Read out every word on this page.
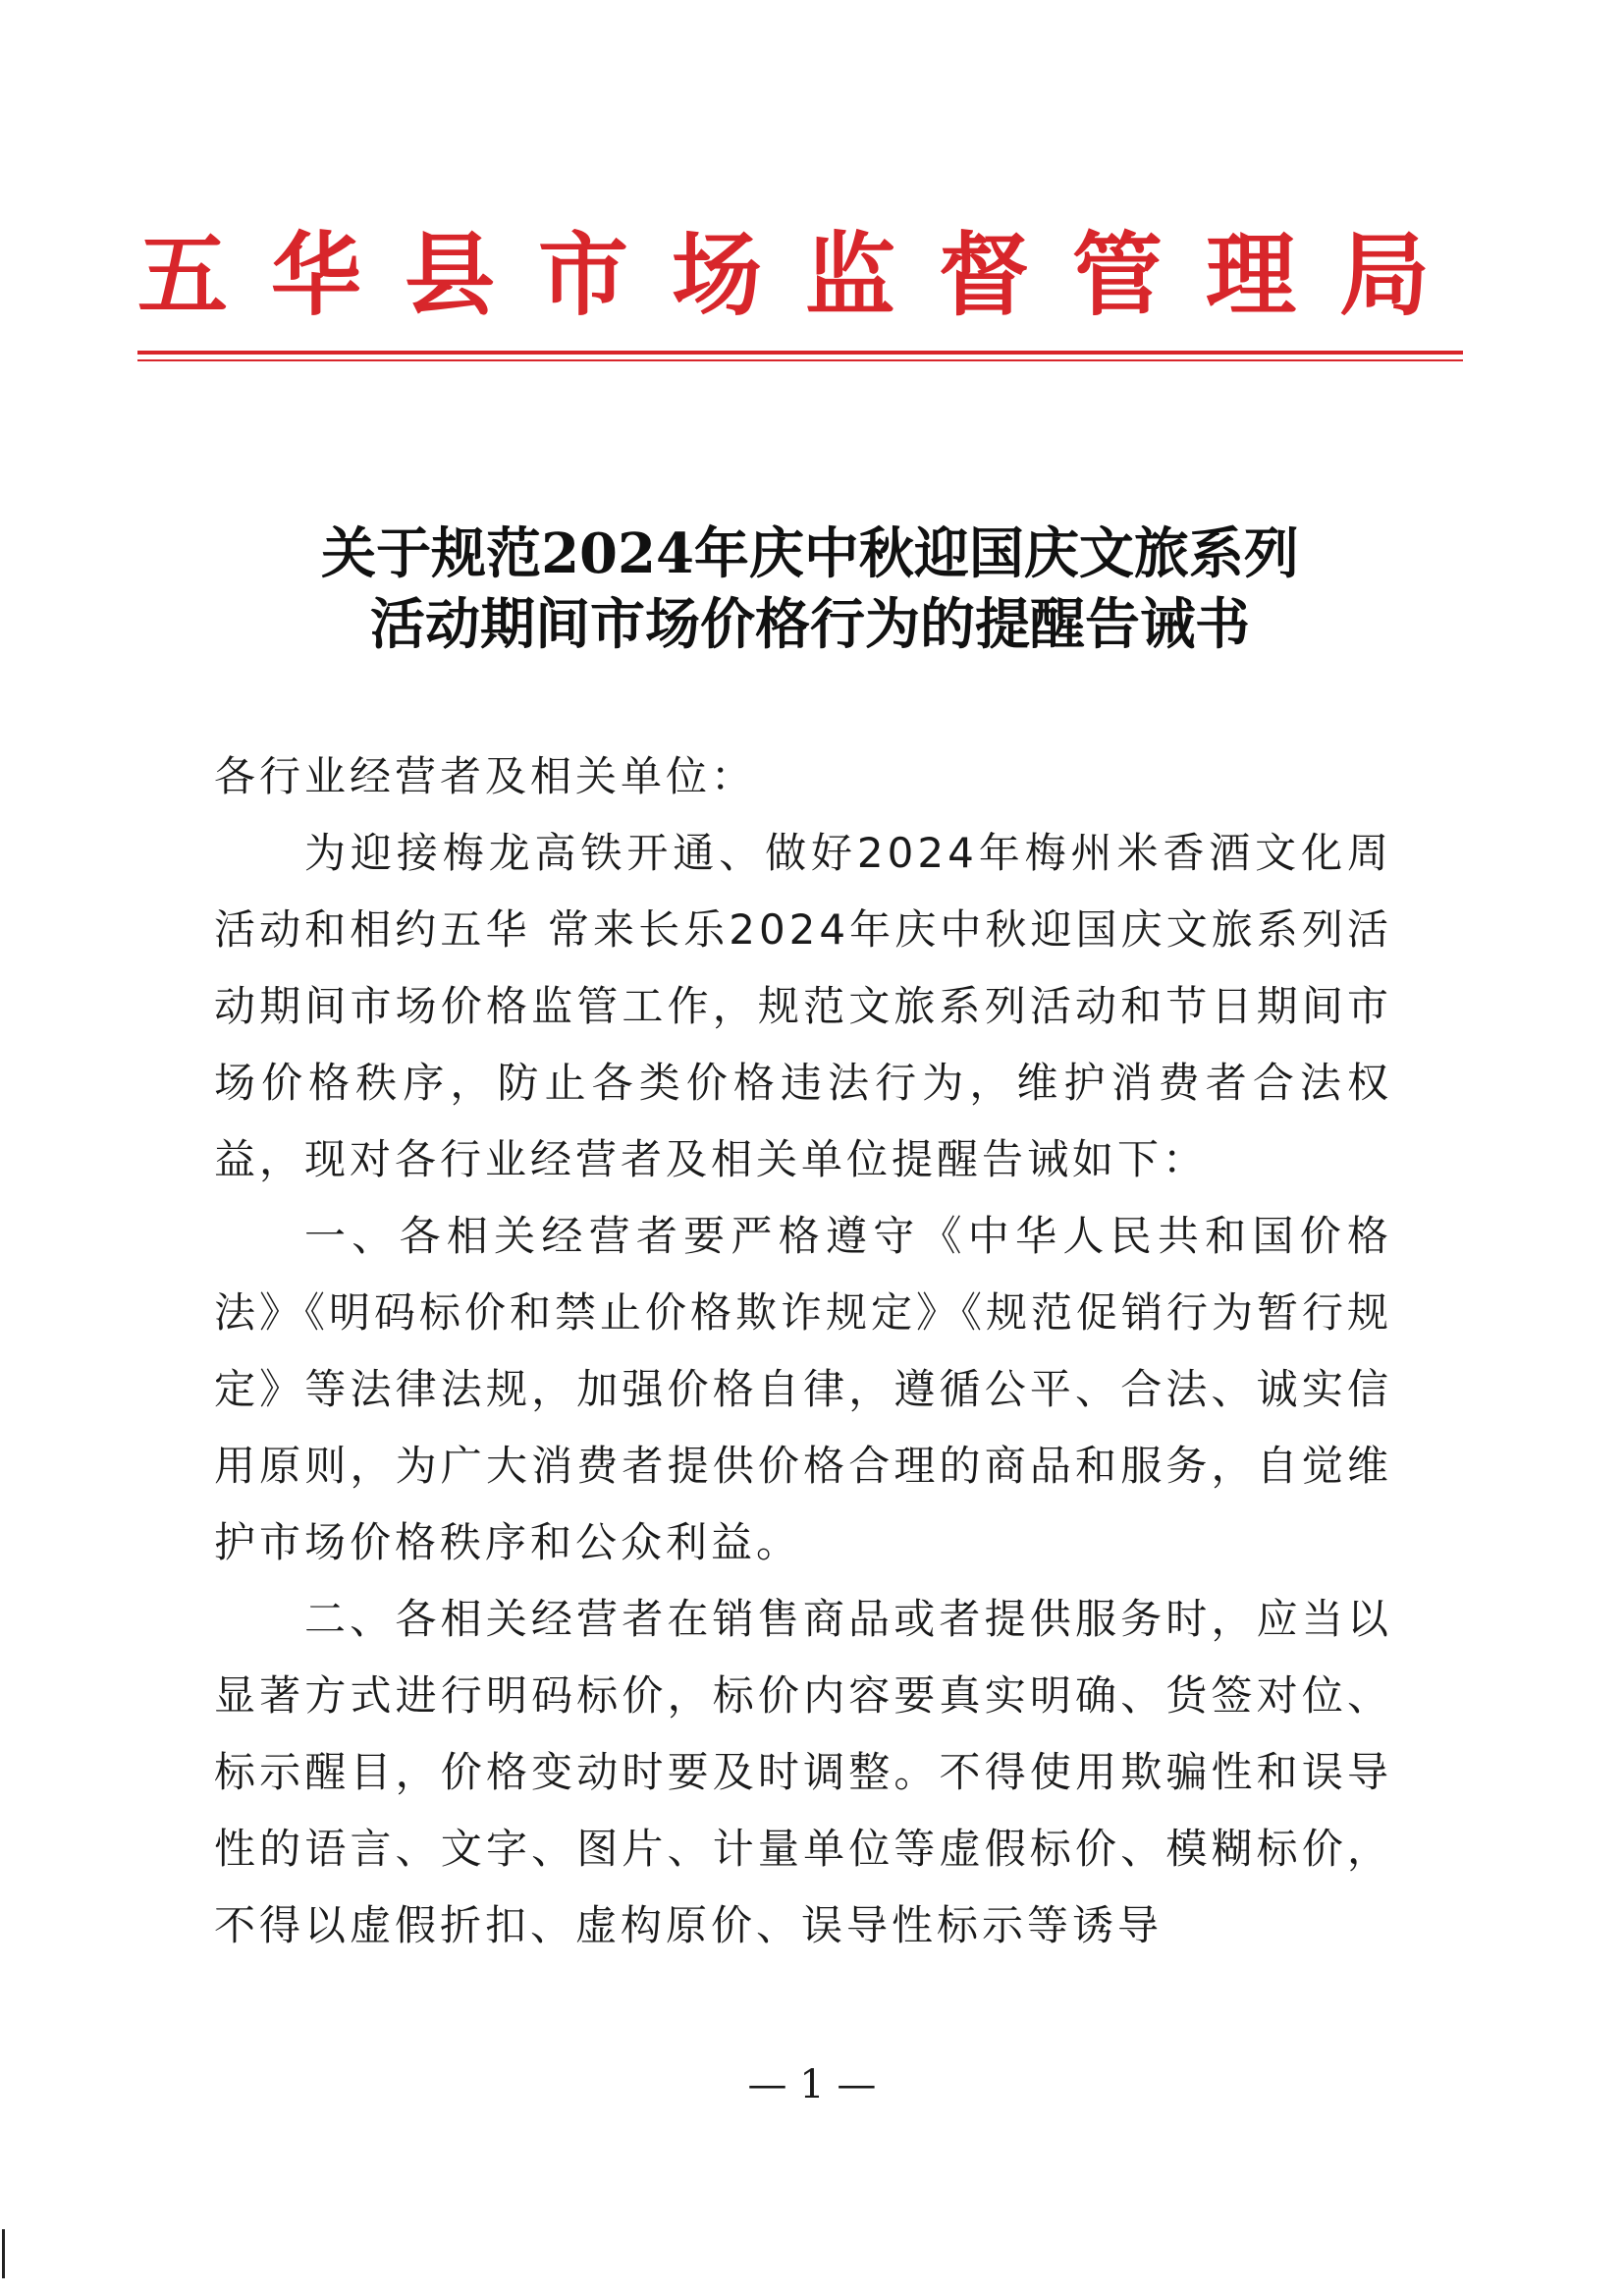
五华县市场监督管理局
关于规范2024年庆中秋迎国庆文旅系列
活动期间市场价格行为的提醒告诫书

各行业经营者及相关单位：

为迎接梅龙高铁开通、做好2024年梅州米香酒文化周活动和相约五华 常来长乐2024年庆中秋迎国庆文旅系列活动期间市场价格监管工作，规范文旅系列活动和节日期间市场价格秩序，防止各类价格违法行为，维护消费者合法权益，现对各行业经营者及相关单位提醒告诫如下：

一、各相关经营者要严格遵守《中华人民共和国价格法》《明码标价和禁止价格欺诈规定》《规范促销行为暂行规定》等法律法规，加强价格自律，遵循公平、合法、诚实信用原则，为广大消费者提供价格合理的商品和服务，自觉维护市场价格秩序和公众利益。

二、各相关经营者在销售商品或者提供服务时，应当以显著方式进行明码标价，标价内容要真实明确、货签对位、标示醒目，价格变动时要及时调整。不得使用欺骗性和误导性的语言、文字、图片、计量单位等虚假标价、模糊标价，不得以虚假折扣、虚构原价、误导性标示等诱导

— 1 —
